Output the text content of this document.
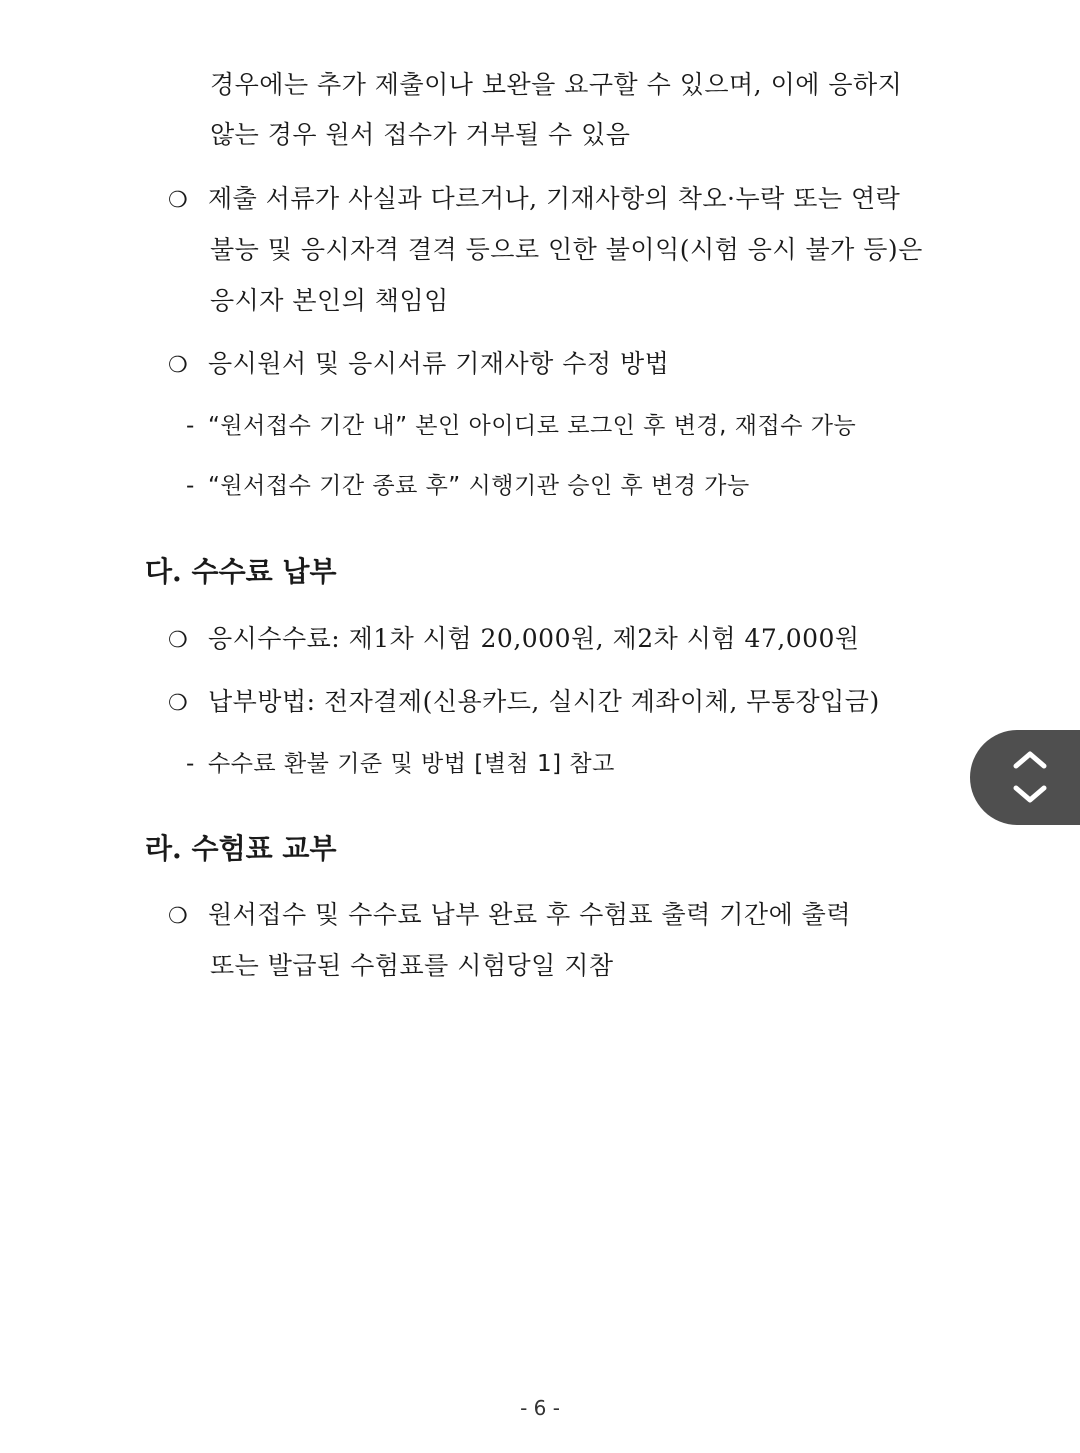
경우에는 추가 제출이나 보완을 요구할 수 있으며, 이에 응하지
않는 경우 원서 접수가 거부될 수 있음
❍ 제출 서류가 사실과 다르거나, 기재사항의 착오·누락 또는 연락
불능 및 응시자격 결격 등으로 인한 불이익(시험 응시 불가 등)은
응시자 본인의 책임임
❍ 응시원서 및 응시서류 기재사항 수정 방법
- “원서접수 기간 내” 본인 아이디로 로그인 후 변경, 재접수 가능
- “원서접수 기간 종료 후” 시행기관 승인 후 변경 가능
다. 수수료 납부
❍ 응시수수료: 제1차 시험 20,000원, 제2차 시험 47,000원
❍ 납부방법: 전자결제(신용카드, 실시간 계좌이체, 무통장입금)
- 수수료 환불 기준 및 방법 [별첨 1] 참고
라. 수험표 교부
❍ 원서접수 및 수수료 납부 완료 후 수험표 출력 기간에 출력
또는 발급된 수험표를 시험당일 지참
- 6 -
